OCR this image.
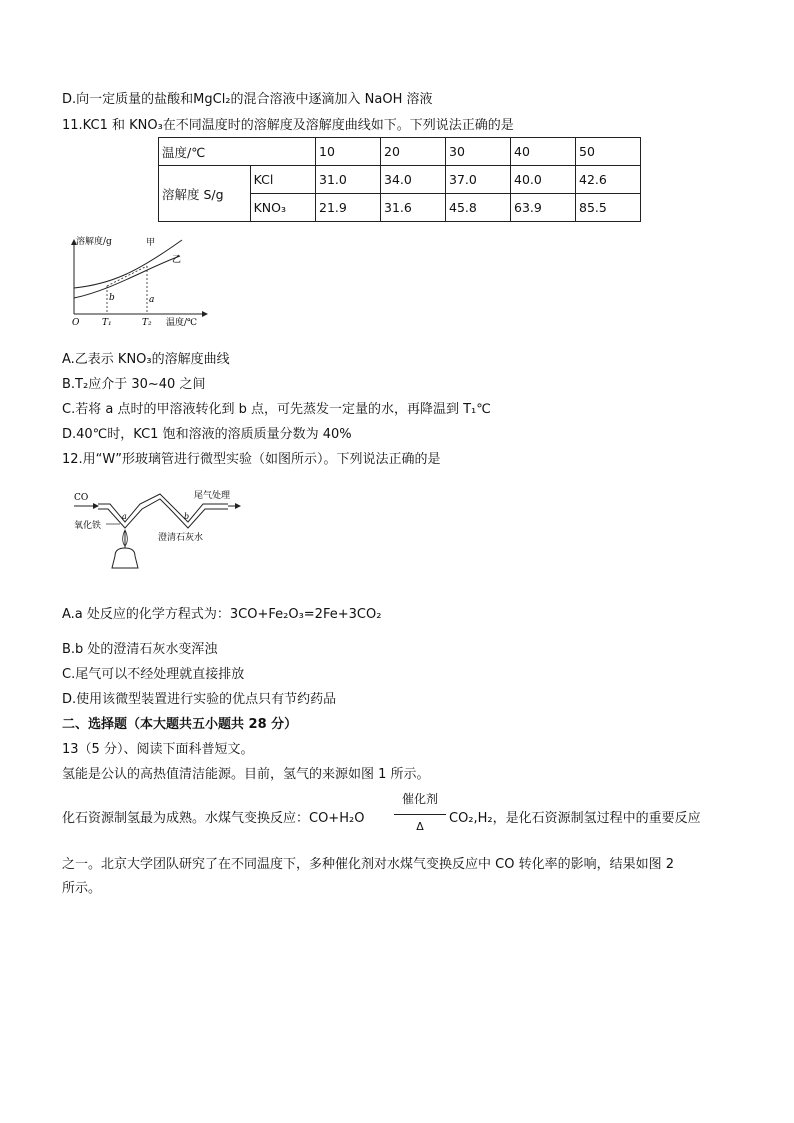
D.向一定质量的盐酸和MgCl₂的混合溶液中逐滴加入 NaOH 溶液
11.KC1 和 KNO₃在不同温度时的溶解度及溶解度曲线如下。下列说法正确的是
温度/℃		10	20	30	40	50
溶解度 S/g	KCl	31.0	34.0	37.0	40.0	42.6
	KNO₃	21.9	31.6	45.8	63.9	85.5
溶解度/g	甲
乙
b	a
O	T₁	T₂ 温度/℃
A.乙表示 KNO₃的溶解度曲线
B.T₂应介于 30~40 之间
C.若将 a 点时的甲溶液转化到 b 点，可先蒸发一定量的水，再降温到 T₁℃
D.40℃时，KC1 饱和溶液的溶质质量分数为 40%
12.用“W”形玻璃管进行微型实验（如图所示）。下列说法正确的是
CO	尾气处理
a	b
氧化铁
澄清石灰水
A.a 处反应的化学方程式为：3CO+Fe₂O₃=2Fe+3CO₂
B.b 处的澄清石灰水变浑浊
C.尾气可以不经处理就直接排放
D.使用该微型装置进行实验的优点只有节约药品
二、选择题（本大题共五小题共 28 分）
13（5 分）、阅读下面科普短文。
氢能是公认的高热值清洁能源。目前，氢气的来源如图 1 所示。
化石资源制氢最为成熟。水煤气变换反应：CO+H₂O
催化剂
Δ
CO₂,H₂，是化石资源制氢过程中的重要反应
之一。北京大学团队研究了在不同温度下，多种催化剂对水煤气变换反应中 CO 转化率的影响，结果如图 2
所示。
